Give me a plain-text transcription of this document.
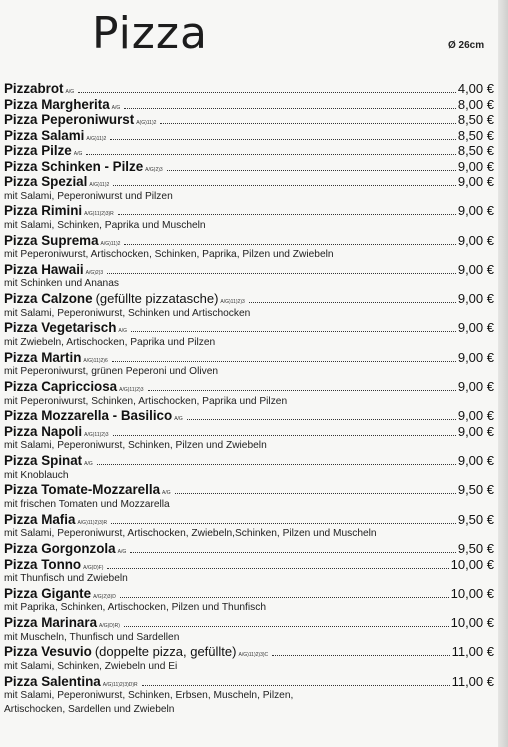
Pizza	Ø 26cm
Pizzabrot A/G	4,00 €
Pizza Margherita A/G	8,00 €
Pizza Peperoniwurst A(G)11)2	8,50 €
Pizza Salami A/G)11)2	8,50 €
Pizza Pilze A/G	8,50 €
Pizza Schinken - Pilze A/G)2)3	9,00 €
Pizza Spezial A/G)11)2	9,00 €
mit Salami, Peperoniwurst und Pilzen
Pizza Rimini A/G)11)2)3)R	9,00 €
mit Salami, Schinken, Paprika und Muscheln
Pizza Suprema A/G)11)2	9,00 €
mit Peperoniwurst, Artischocken, Schinken, Paprika, Pilzen und Zwiebeln
Pizza Hawaii A/G)2)3	9,00 €
mit Schinken und Ananas
Pizza Calzone (gefüllte pizzatasche) A/G)11)2)3	9,00 €
mit Salami, Peperoniwurst, Schinken und Artischocken
Pizza Vegetarisch A/G	9,00 €
mit Zwiebeln, Artischocken, Paprika und Pilzen
Pizza Martin A/G)11)2)6	9,00 €
mit Peperoniwurst, grünen Peperoni und Oliven
Pizza Capricciosa A/G)11)2)3	9,00 €
mit Peperoniwurst, Schinken, Artischocken, Paprika und Pilzen
Pizza Mozzarella - Basilico A/G	9,00 €
Pizza Napoli A/G)11)2)3	9,00 €
mit Salami, Peperoniwurst, Schinken, Pilzen und Zwiebeln
Pizza Spinat A/G	9,00 €
mit Knoblauch
Pizza Tomate-Mozzarella A/G	9,50 €
mit frischen Tomaten und Mozzarella
Pizza Mafia A/G)11)2)3)R	9,50 €
mit Salami, Peperoniwurst, Artischocken, Zwiebeln,Schinken, Pilzen und Muscheln
Pizza Gorgonzola A/G	9,50 €
Pizza Tonno A/G)D)F)	10,00 €
mit Thunfisch und Zwiebeln
Pizza Gigante A/G)2)3)D	10,00 €
mit Paprika, Schinken, Artischocken, Pilzen und Thunfisch
Pizza Marinara A/G)D)R)	10,00 €
mit Muscheln, Thunfisch und Sardellen
Pizza Vesuvio (doppelte pizza, gefüllte) A/G)11)2)3)C	11,00 €
mit Salami, Schinken, Zwiebeln und Ei
Pizza Salentina A/G)11)2)3)D)R	11,00 €
mit Salami, Peperoniwurst, Schinken, Erbsen, Muscheln, Pilzen,
Artischocken, Sardellen und Zwiebeln
